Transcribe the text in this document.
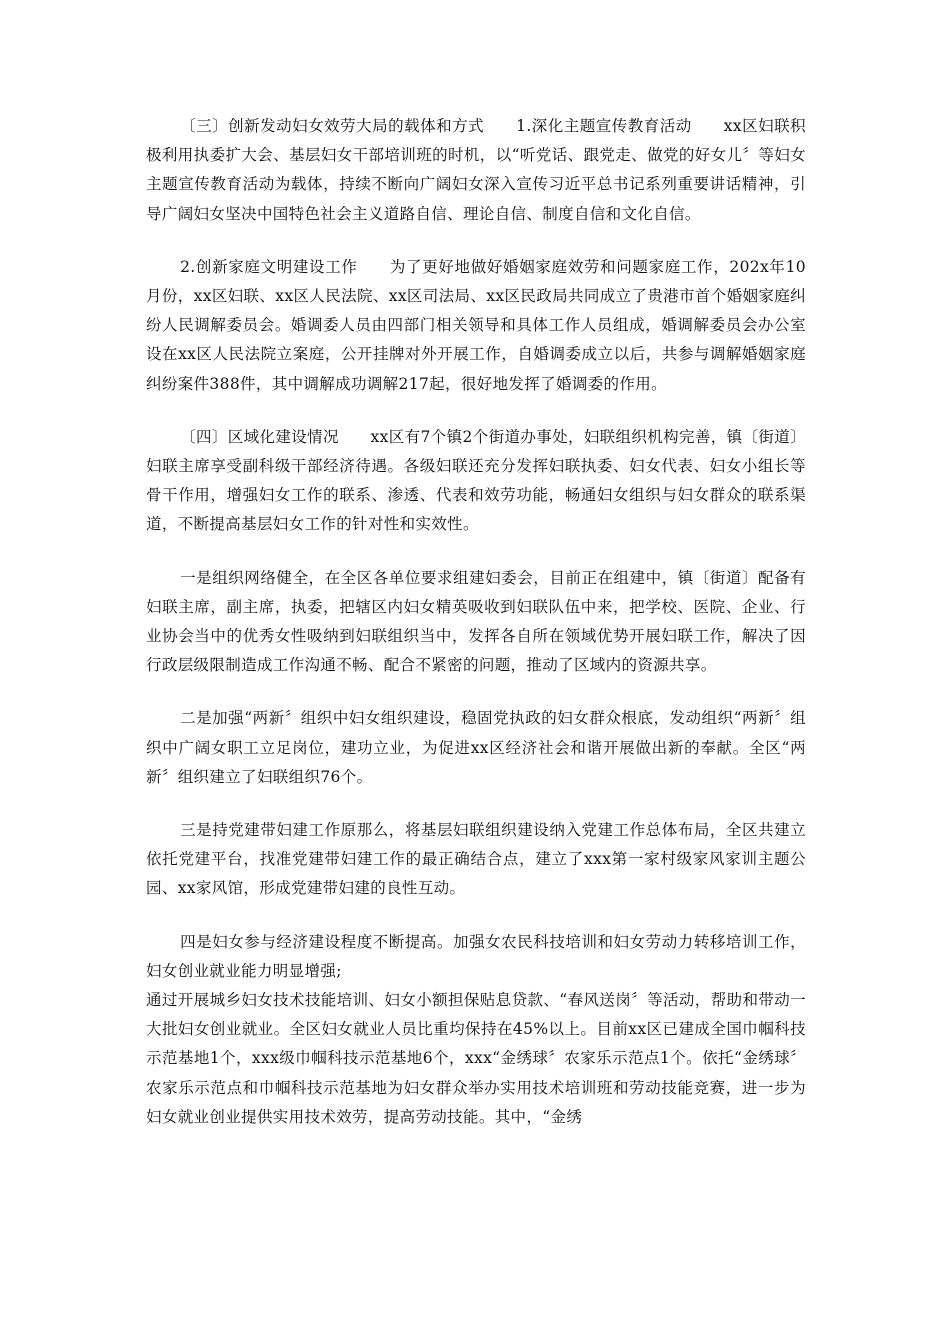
〔三〕创新发动妇女效劳大局的载体和方式　　1.深化主题宣传教育活动　　xx区妇联积极利用执委扩大会、基层妇女干部培训班的时机，以“听党话、跟党走、做党的好女儿〞等妇女主题宣传教育活动为载体，持续不断向广阔妇女深入宣传习近平总书记系列重要讲话精神，引导广阔妇女坚决中国特色社会主义道路自信、理论自信、制度自信和文化自信。

2.创新家庭文明建设工作　　为了更好地做好婚姻家庭效劳和问题家庭工作，202x年10月份，xx区妇联、xx区人民法院、xx区司法局、xx区民政局共同成立了贵港市首个婚姻家庭纠纷人民调解委员会。婚调委人员由四部门相关领导和具体工作人员组成，婚调解委员会办公室设在xx区人民法院立案庭，公开挂牌对外开展工作，自婚调委成立以后，共参与调解婚姻家庭纠纷案件388件，其中调解成功调解217起，很好地发挥了婚调委的作用。

〔四〕区域化建设情况　　xx区有7个镇2个街道办事处，妇联组织机构完善，镇〔街道〕妇联主席享受副科级干部经济待遇。各级妇联还充分发挥妇联执委、妇女代表、妇女小组长等骨干作用，增强妇女工作的联系、渗透、代表和效劳功能，畅通妇女组织与妇女群众的联系渠道，不断提高基层妇女工作的针对性和实效性。

一是组织网络健全，在全区各单位要求组建妇委会，目前正在组建中，镇〔街道〕配备有妇联主席，副主席，执委，把辖区内妇女精英吸收到妇联队伍中来，把学校、医院、企业、行业协会当中的优秀女性吸纳到妇联组织当中，发挥各自所在领域优势开展妇联工作，解决了因行政层级限制造成工作沟通不畅、配合不紧密的问题，推动了区域内的资源共享。

二是加强“两新〞组织中妇女组织建设，稳固党执政的妇女群众根底，发动组织“两新〞组织中广阔女职工立足岗位，建功立业，为促进xx区经济社会和谐开展做出新的奉献。全区“两新〞组织建立了妇联组织76个。

三是持党建带妇建工作原那么，将基层妇联组织建设纳入党建工作总体布局，全区共建立依托党建平台，找准党建带妇建工作的最正确结合点，建立了xxx第一家村级家风家训主题公园、xx家风馆，形成党建带妇建的良性互动。

四是妇女参与经济建设程度不断提高。加强女农民科技培训和妇女劳动力转移培训工作，妇女创业就业能力明显增强;

通过开展城乡妇女技术技能培训、妇女小额担保贴息贷款、“春风送岗〞等活动，帮助和带动一大批妇女创业就业。全区妇女就业人员比重均保持在45%以上。目前xx区已建成全国巾帼科技示范基地1个，xxx级巾帼科技示范基地6个，xxx“金绣球〞农家乐示范点1个。依托“金绣球〞农家乐示范点和巾帼科技示范基地为妇女群众举办实用技术培训班和劳动技能竞赛，进一步为妇女就业创业提供实用技术效劳，提高劳动技能。其中，“金绣
